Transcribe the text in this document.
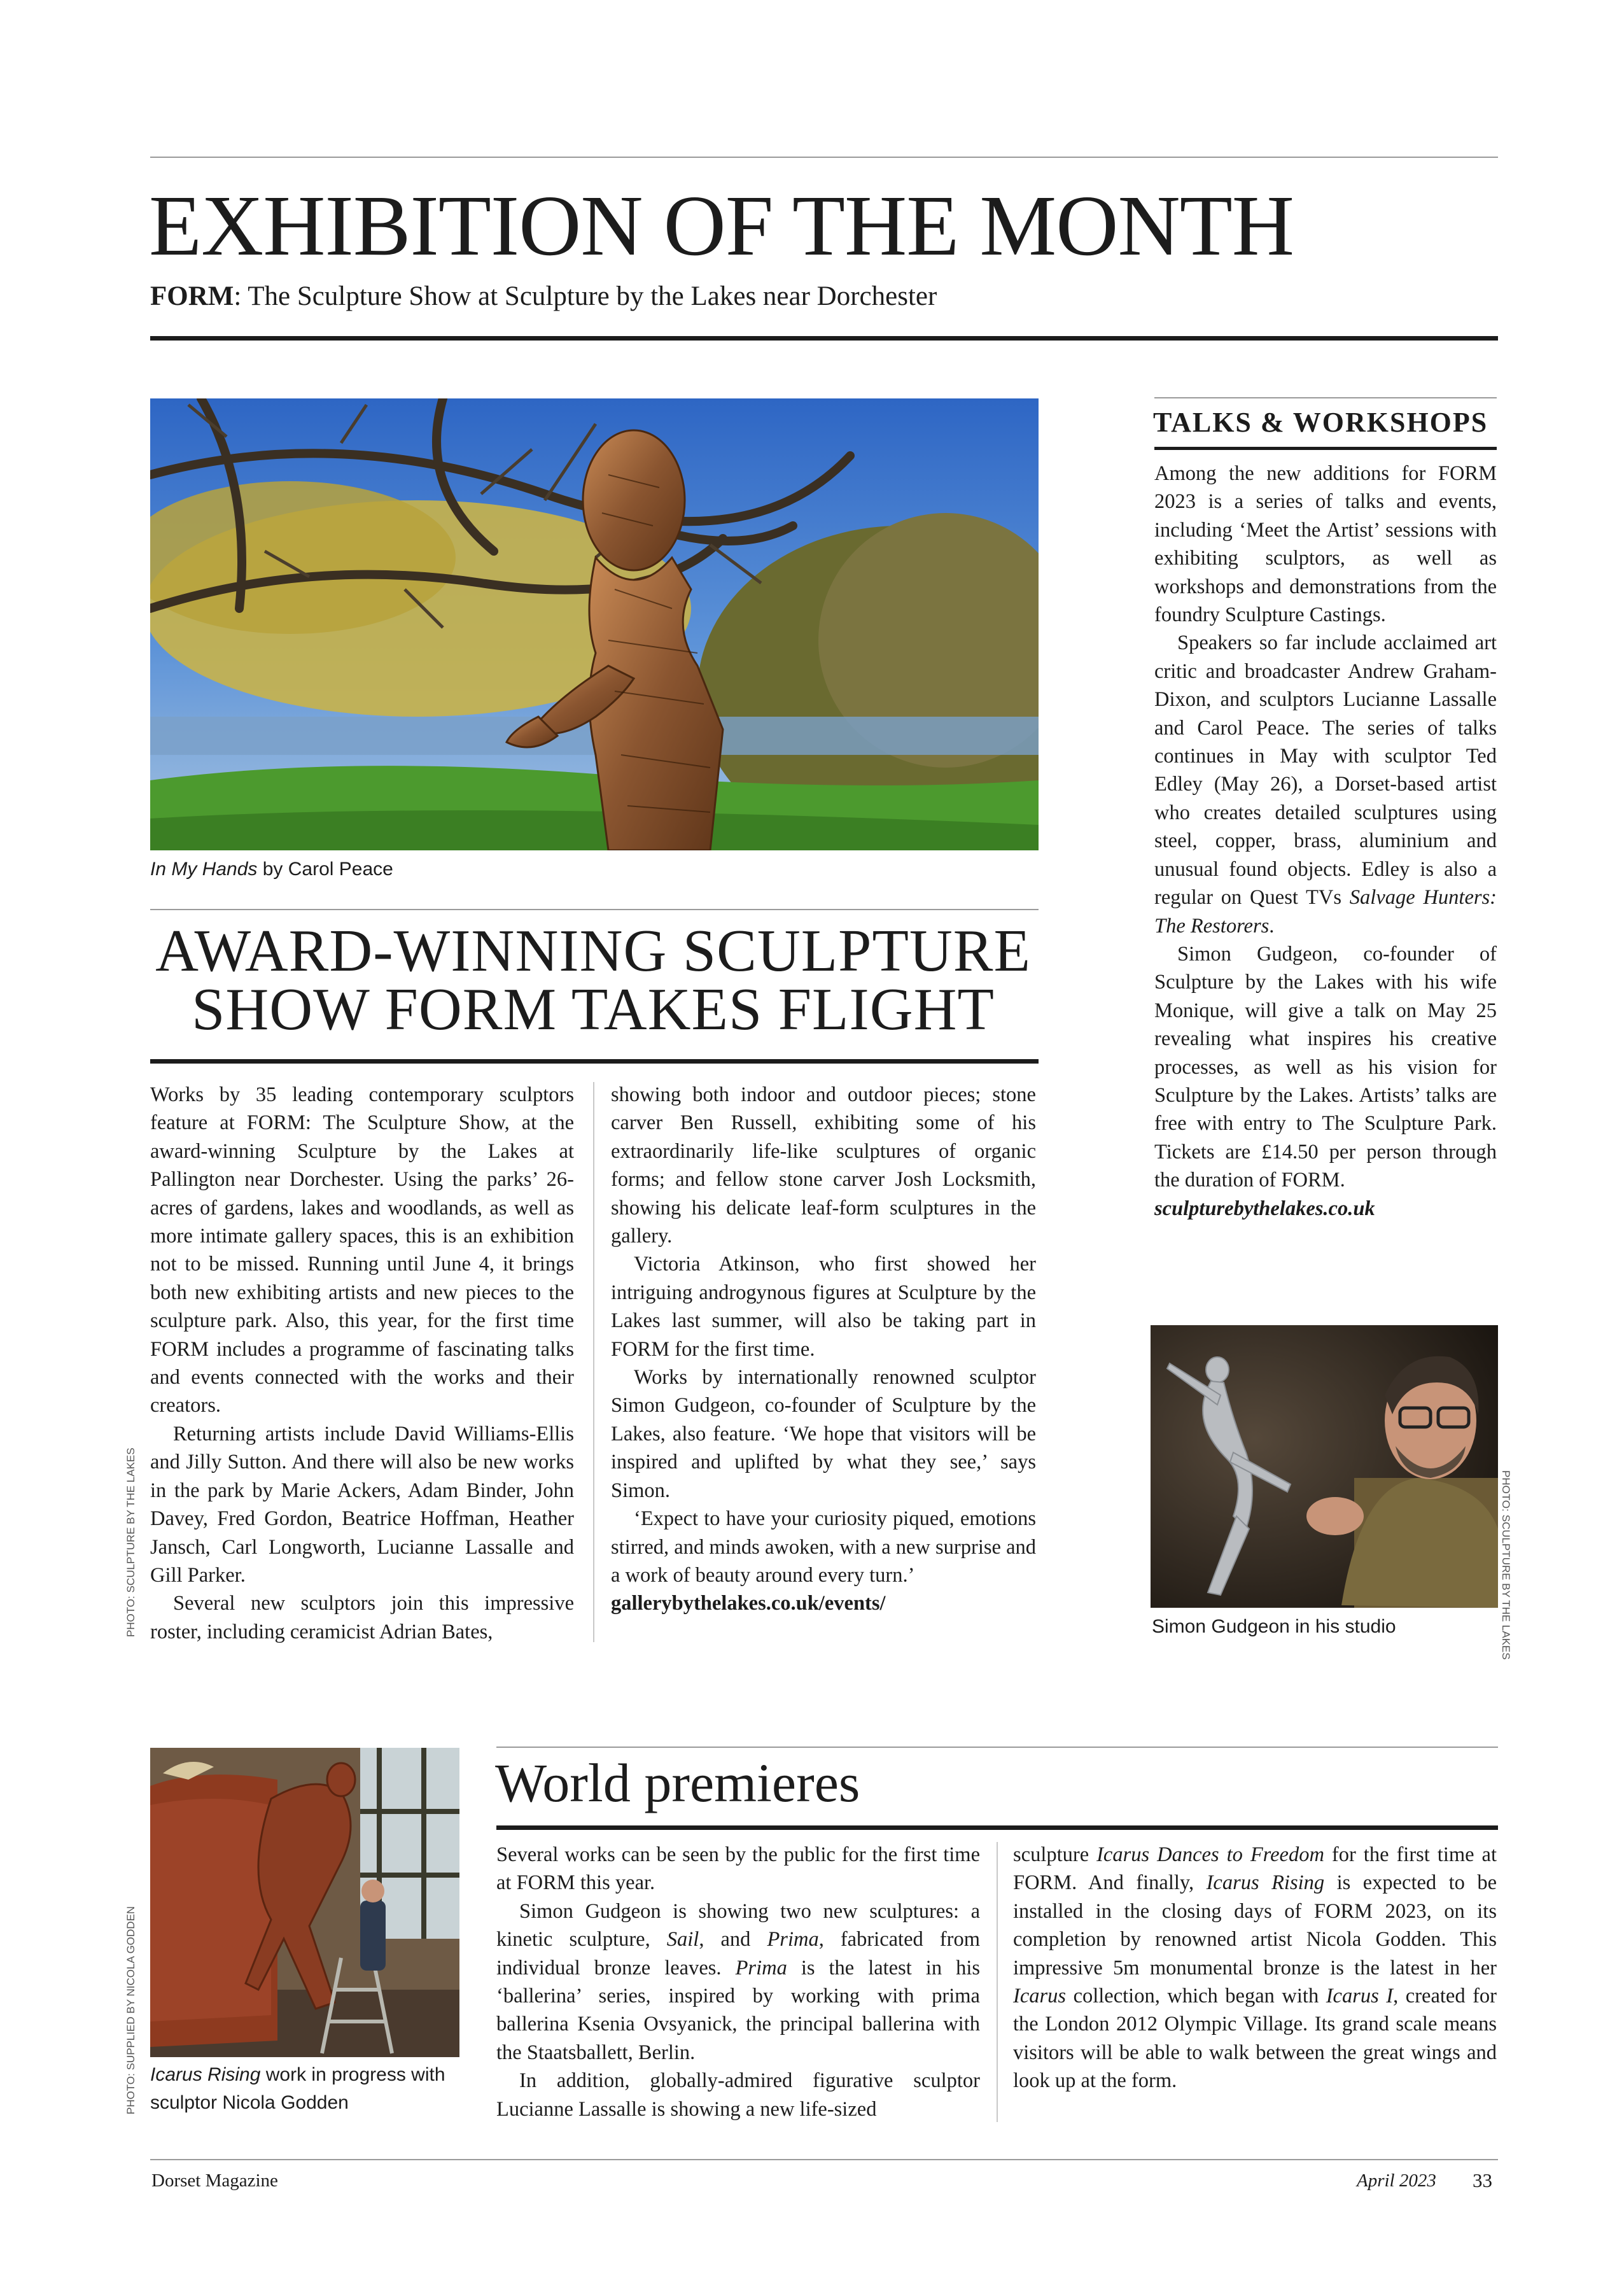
EXHIBITION OF THE MONTH
FORM: The Sculpture Show at Sculpture by the Lakes near Dorchester
In My Hands by Carol Peace
AWARD-WINNING SCULPTURE
SHOW FORM TAKES FLIGHT

Works by 35 leading contemporary sculptors feature at FORM: The Sculpture Show, at the award-winning Sculpture by the Lakes at Pallington near Dorchester. Using the parks’ 26-acres of gardens, lakes and woodlands, as well as more intimate gallery spaces, this is an exhibition not to be missed. Running until June 4, it brings both new exhibiting artists and new pieces to the sculpture park. Also, this year, for the first time FORM includes a programme of fascinating talks and events connected with the works and their creators.

Returning artists include David Williams-Ellis and Jilly Sutton. And there will also be new works in the park by Marie Ackers, Adam Binder, John Davey, Fred Gordon, Beatrice Hoffman, Heather Jansch, Carl Longworth, Lucianne Lassalle and Gill Parker.

Several new sculptors join this impressive roster, including ceramicist Adrian Bates,

showing both indoor and outdoor pieces; stone carver Ben Russell, exhibiting some of his extraordinarily life-like sculptures of organic forms; and fellow stone carver Josh Locksmith, showing his delicate leaf-form sculptures in the gallery.

Victoria Atkinson, who first showed her intriguing androgynous figures at Sculpture by the Lakes last summer, will also be taking part in FORM for the first time.

Works by internationally renowned sculptor Simon Gudgeon, co-founder of Sculpture by the Lakes, also feature. ‘We hope that visitors will be inspired and uplifted by what they see,’ says Simon.

‘Expect to have your curiosity piqued, emotions stirred, and minds awoken, with a new surprise and a work of beauty around every turn.’

gallerybythelakes.co.uk/events/

PHOTO: SCULPTURE BY THE LAKES
TALKS & WORKSHOPS

Among the new additions for FORM 2023 is a series of talks and events, including ‘Meet the Artist’ sessions with exhibiting sculptors, as well as workshops and demonstrations from the foundry Sculpture Castings.

Speakers so far include acclaimed art critic and broadcaster Andrew Graham-Dixon, and sculptors Lucianne Lassalle and Carol Peace. The series of talks continues in May with sculptor Ted Edley (May 26), a Dorset-based artist who creates detailed sculptures using steel, copper, brass, aluminium and unusual found objects. Edley is also a regular on Quest TVs Salvage Hunters: The Restorers.

Simon Gudgeon, co-founder of Sculpture by the Lakes with his wife Monique, will give a talk on May 25 revealing what inspires his creative processes, as well as his vision for Sculpture by the Lakes. Artists’ talks are free with entry to The Sculpture Park. Tickets are £14.50 per person through the duration of FORM.

sculpturebythelakes.co.uk

Simon Gudgeon in his studio	PHOTO: SCULPTURE BY THE LAKES
Icarus Rising work in progress with sculptor Nicola Godden
PHOTO: SUPPLIED BY NICOLA GODDEN
World premieres

Several works can be seen by the public for the first time at FORM this year.

Simon Gudgeon is showing two new sculptures: a kinetic sculpture, Sail, and Prima, fabricated from individual bronze leaves. Prima is the latest in his ‘ballerina’ series, inspired by working with prima ballerina Ksenia Ovsyanick, the principal ballerina with the Staatsballett, Berlin.

In addition, globally-admired figurative sculptor Lucianne Lassalle is showing a new life-sized

sculpture Icarus Dances to Freedom for the first time at FORM. And finally, Icarus Rising is expected to be installed in the closing days of FORM 2023, on its completion by renowned artist Nicola Godden. This impressive 5m monumental bronze is the latest in her Icarus collection, which began with Icarus I, created for the London 2012 Olympic Village. Its grand scale means visitors will be able to walk between the great wings and look up at the form.

Dorset Magazine	April 2023 33
